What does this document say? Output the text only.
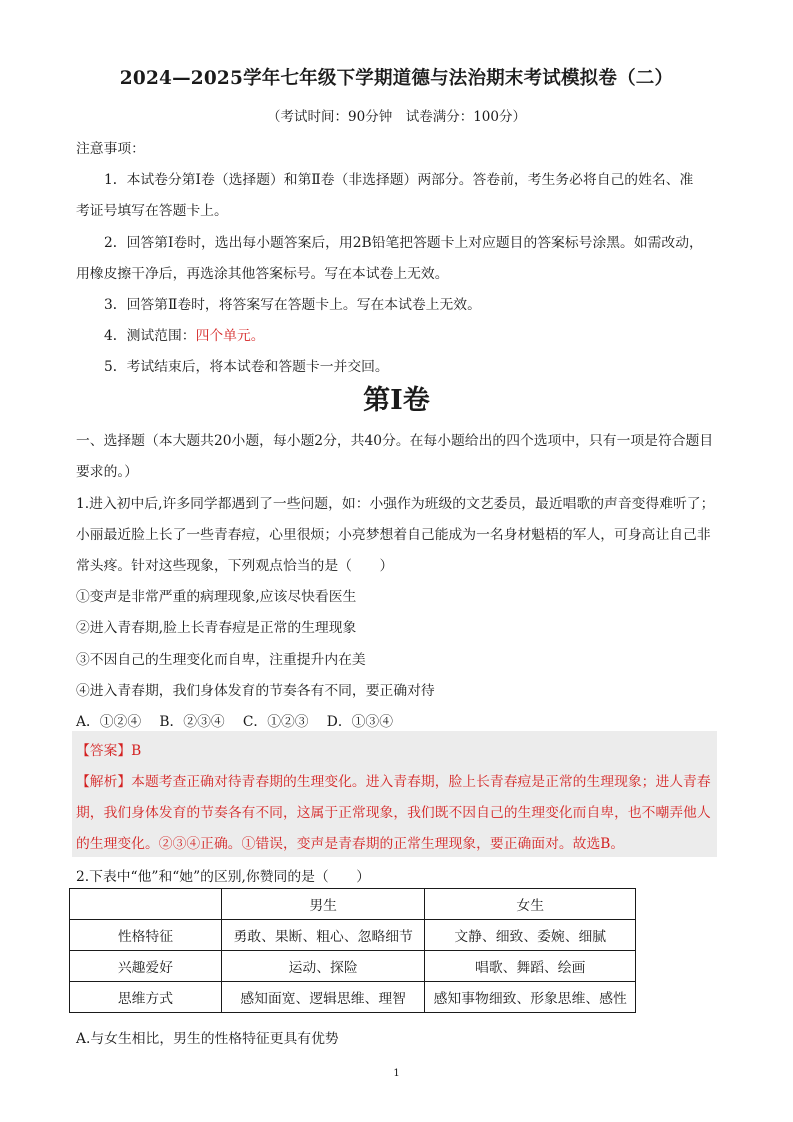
2024—2025学年七年级下学期道德与法治期末考试模拟卷（二）
（考试时间：90分钟　试卷满分：100分）
注意事项：
1．本试卷分第Ⅰ卷（选择题）和第Ⅱ卷（非选择题）两部分。答卷前，考生务必将自己的姓名、准
考证号填写在答题卡上。
2．回答第Ⅰ卷时，选出每小题答案后，用2B铅笔把答题卡上对应题目的答案标号涂黑。如需改动，
用橡皮擦干净后，再选涂其他答案标号。写在本试卷上无效。
3．回答第Ⅱ卷时，将答案写在答题卡上。写在本试卷上无效。
4．测试范围：四个单元。
5．考试结束后，将本试卷和答题卡一并交回。
第Ⅰ卷
一、选择题（本大题共20小题，每小题2分，共40分。在每小题给出的四个选项中，只有一项是符合题目
要求的。）
1.进入初中后,许多同学都遇到了一些问题，如：小强作为班级的文艺委员，最近唱歌的声音变得难听了；
小丽最近脸上长了一些青春痘，心里很烦；小亮梦想着自己能成为一名身材魁梧的军人，可身高让自己非
常头疼。针对这些现象，下列观点恰当的是（　　）
①变声是非常严重的病理现象,应该尽快看医生
②进入青春期,脸上长青春痘是正常的生理现象
③不因自己的生理变化而自卑，注重提升内在美
④进入青春期，我们身体发育的节奏各有不同，要正确对待
A．①②④　 B．②③④　 C．①②③　 D．①③④
【答案】B
【解析】本题考查正确对待青春期的生理变化。进入青春期，脸上长青春痘是正常的生理现象；进人青春
期，我们身体发育的节奏各有不同，这属于正常现象，我们既不因自己的生理变化而自卑，也不嘲弄他人
的生理变化。②③④正确。①错误，变声是青春期的正常生理现象，要正确面对。故选B。
2.下表中“他”和“她”的区别,你赞同的是（　　）
	男生	女生
性格特征	勇敢、果断、粗心、忽略细节	文静、细致、委婉、细腻
兴趣爱好	运动、探险	唱歌、舞蹈、绘画
思维方式	感知面宽、逻辑思维、理智	感知事物细致、形象思维、感性
A.与女生相比，男生的性格特征更具有优势
1
